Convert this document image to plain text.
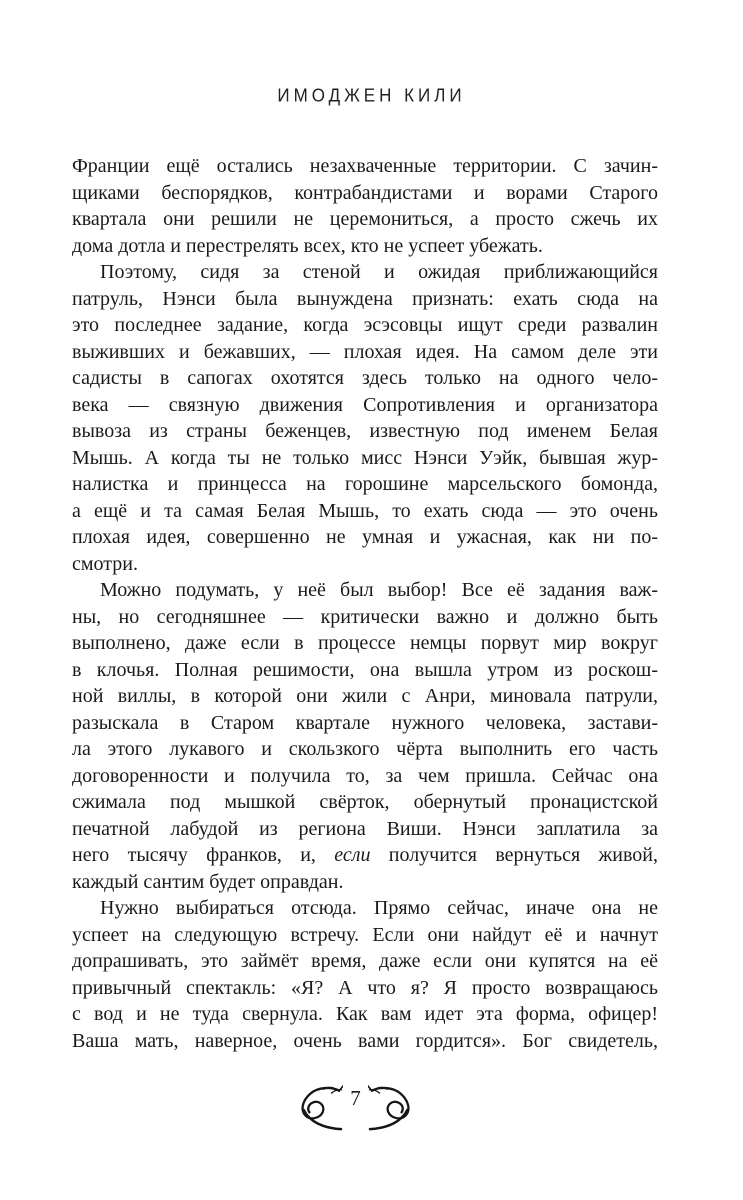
ИМОДЖЕН КИЛИ
Франции ещё остались незахваченные территории. С зачин-
щиками беспорядков, контрабандистами и ворами Старого
квартала они решили не церемониться, а просто сжечь их
дома дотла и перестрелять всех, кто не успеет убежать.
Поэтому, сидя за стеной и ожидая приближающийся
патруль, Нэнси была вынуждена признать: ехать сюда на
это последнее задание, когда эсэсовцы ищут среди развалин
выживших и бежавших, — плохая идея. На самом деле эти
садисты в сапогах охотятся здесь только на одного чело-
века — связную движения Сопротивления и организатора
вывоза из страны беженцев, известную под именем Белая
Мышь. А когда ты не только мисс Нэнси Уэйк, бывшая жур-
налистка и принцесса на горошине марсельского бомонда,
а ещё и та самая Белая Мышь, то ехать сюда — это очень
плохая идея, совершенно не умная и ужасная, как ни по-
смотри.
Можно подумать, у неё был выбор! Все её задания важ-
ны, но сегодняшнее — критически важно и должно быть
выполнено, даже если в процессе немцы порвут мир вокруг
в клочья. Полная решимости, она вышла утром из роскош-
ной виллы, в которой они жили с Анри, миновала патрули,
разыскала в Старом квартале нужного человека, застави-
ла этого лукавого и скользкого чёрта выполнить его часть
договоренности и получила то, за чем пришла. Сейчас она
сжимала под мышкой свёрток, обернутый пронацистской
печатной лабудой из региона Виши. Нэнси заплатила за
него тысячу франков, и, если получится вернуться живой,
каждый сантим будет оправдан.
Нужно выбираться отсюда. Прямо сейчас, иначе она не
успеет на следующую встречу. Если они найдут её и начнут
допрашивать, это займёт время, даже если они купятся на её
привычный спектакль: «Я? А что я? Я просто возвращаюсь
с вод и не туда свернула. Как вам идет эта форма, офицер!
Ваша мать, наверное, очень вами гордится». Бог свидетель,
7
